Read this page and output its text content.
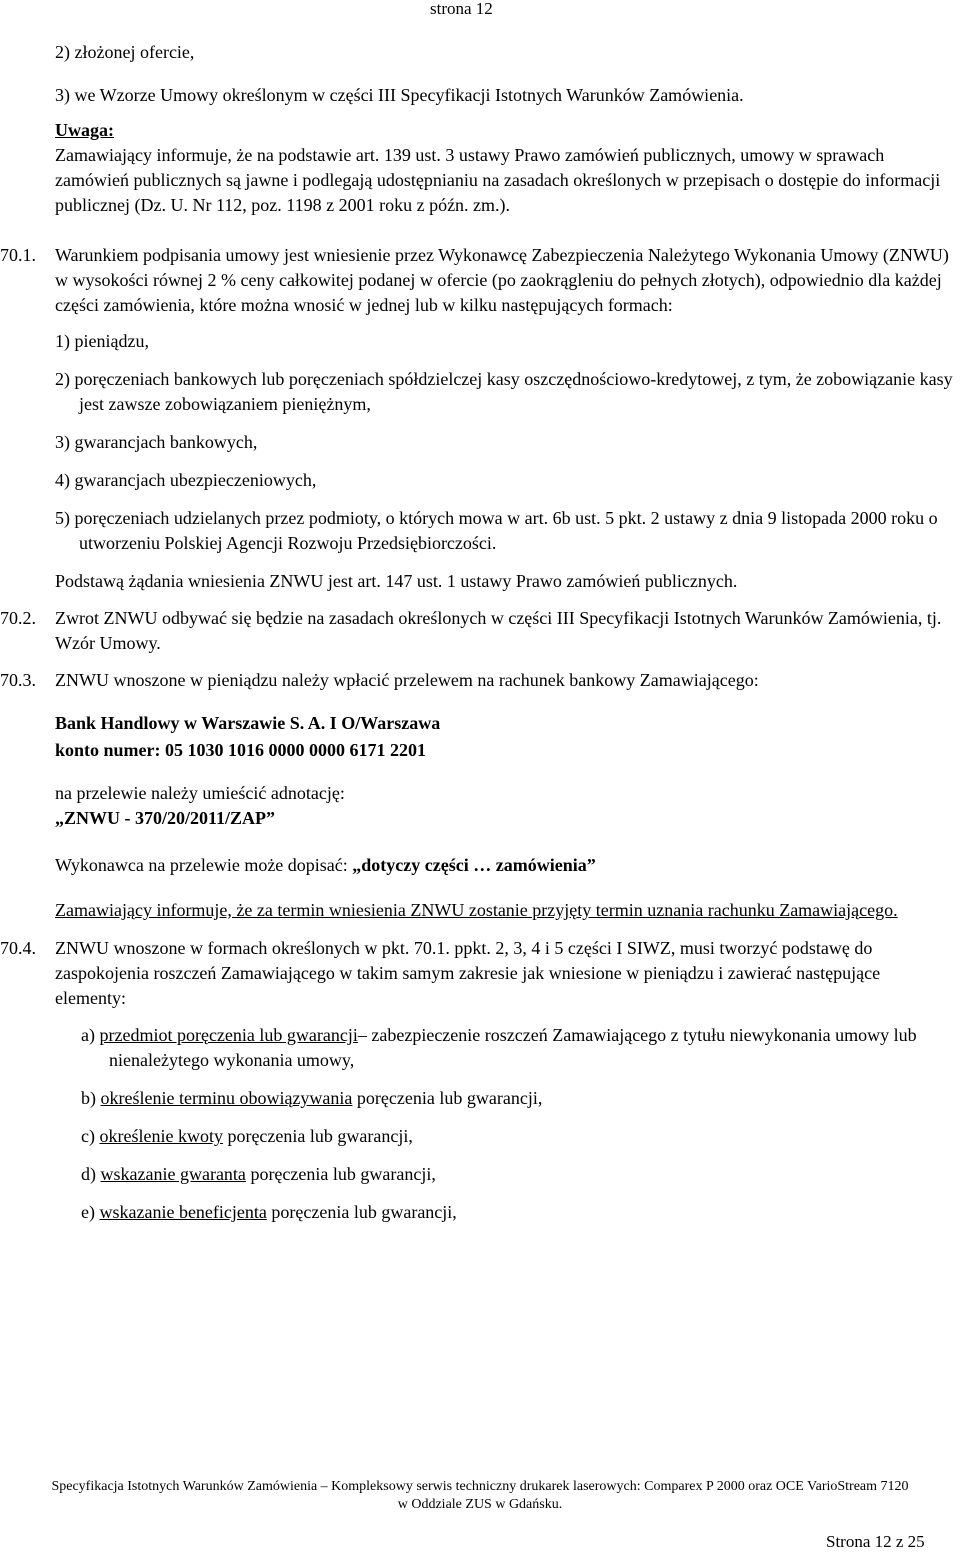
strona 12

2) złożonej ofercie,

3) we Wzorze Umowy określonym w części III Specyfikacji Istotnych Warunków Zamówienia.

Uwaga:

Zamawiający informuje, że na podstawie art. 139 ust. 3 ustawy Prawo zamówień publicznych, umowy w sprawach zamówień publicznych są jawne i podlegają udostępnianiu na zasadach określonych w przepisach o dostępie do informacji publicznej (Dz. U. Nr 112, poz. 1198 z 2001 roku z późn. zm.).

70.1.	Warunkiem podpisania umowy jest wniesienie przez Wykonawcę Zabezpieczenia Należytego Wykonania Umowy (ZNWU) w wysokości równej 2 % ceny całkowitej podanej w ofercie (po zaokrągleniu do pełnych złotych), odpowiednio dla każdej części zamówienia, które można wnosić w jednej lub w kilku następujących formach:

1) pieniądzu,

2) poręczeniach bankowych lub poręczeniach spółdzielczej kasy oszczędnościowo-kredytowej, z tym, że zobowiązanie kasy jest zawsze zobowiązaniem pieniężnym,

3) gwarancjach bankowych,

4) gwarancjach ubezpieczeniowych,

5) poręczeniach udzielanych przez podmioty, o których mowa w art. 6b ust. 5 pkt. 2 ustawy z dnia 9 listopada 2000 roku o utworzeniu Polskiej Agencji Rozwoju Przedsiębiorczości.

Podstawą żądania wniesienia ZNWU jest art. 147 ust. 1 ustawy Prawo zamówień publicznych.

70.2.	Zwrot ZNWU odbywać się będzie na zasadach określonych w części III Specyfikacji Istotnych Warunków Zamówienia, tj. Wzór Umowy.

70.3.	ZNWU wnoszone w pieniądzu należy wpłacić przelewem na rachunek bankowy Zamawiającego:

Bank Handlowy w Warszawie S. A. I O/Warszawa

konto numer: 05 1030 1016 0000 0000 6171 2201

na przelewie należy umieścić adnotację:

„ZNWU - 370/20/2011/ZAP”

Wykonawca na przelewie może dopisać: „dotyczy części … zamówienia”

Zamawiający informuje, że za termin wniesienia ZNWU zostanie przyjęty termin uznania rachunku Zamawiającego.

70.4.	ZNWU wnoszone w formach określonych w pkt. 70.1. ppkt. 2, 3, 4 i 5 części I SIWZ, musi tworzyć podstawę do zaspokojenia roszczeń Zamawiającego w takim samym zakresie jak wniesione w pieniądzu i zawierać następujące elementy:

a) przedmiot poręczenia lub gwarancji– zabezpieczenie roszczeń Zamawiającego z tytułu niewykonania umowy lub nienależytego wykonania umowy,

b) określenie terminu obowiązywania poręczenia lub gwarancji,

c) określenie kwoty poręczenia lub gwarancji,

d) wskazanie gwaranta poręczenia lub gwarancji,

e) wskazanie beneficjenta poręczenia lub gwarancji,

Specyfikacja Istotnych Warunków Zamówienia – Kompleksowy serwis techniczny drukarek laserowych: Comparex P 2000 oraz OCE VarioStream 7120
w Oddziale ZUS w Gdańsku.
Strona 12 z 25
